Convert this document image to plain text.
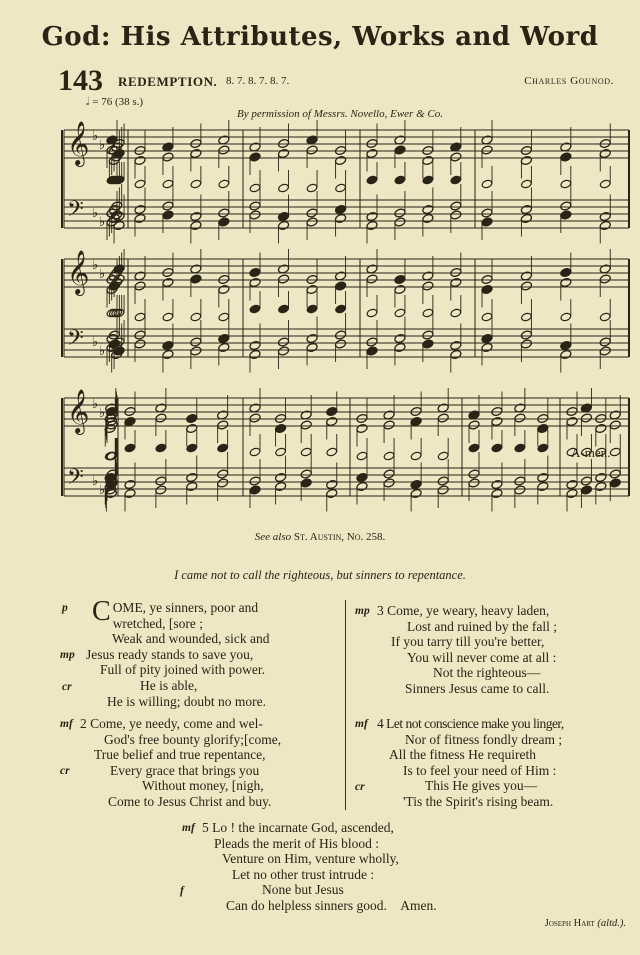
God: His Attributes, Works and Word
143 REDEMPTION. 8. 7. 8. 7. 8. 7.	Charles Gounod.
𝅗𝅥 = 76 (38 s.)
By permission of Messrs. Novello, Ewer & Co.
𝄞 ♭
♭
𝄢 ♭
♭
𝄞 ♭
♭
𝄢 ♭
♭
𝄞 ♭
♭
𝄢 ♭
♭
A-men.
See also St. Austin, No. 258.
I came not to call the righteous, but sinners to repentance.
p
mp
cr
COME, ye sinners, poor and
wretched, [sore ;
Weak and wounded, sick and
Jesus ready stands to save you,
Full of pity joined with power.
He is able,
He is willing; doubt no more.
mf
cr
2 Come, ye needy, come and wel-
God's free bounty glorify;[come,
True belief and true repentance,
Every grace that brings you
Without money, [nigh,
Come to Jesus Christ and buy.
mp 3 Come, ye weary, heavy laden,
Lost and ruined by the fall ;
If you tarry till you're better,
You will never come at all :
Not the righteous—
Sinners Jesus came to call.
mf
cr
4 Let not conscience make you linger,
Nor of fitness fondly dream ;
All the fitness He requireth
Is to feel your need of Him :
This He gives you—
'Tis the Spirit's rising beam.
mf
f
5 Lo ! the incarnate God, ascended,
Pleads the merit of His blood :
Venture on Him, venture wholly,
Let no other trust intrude :
None but Jesus
Can do helpless sinners good. Amen.
Joseph Hart (altd.).
